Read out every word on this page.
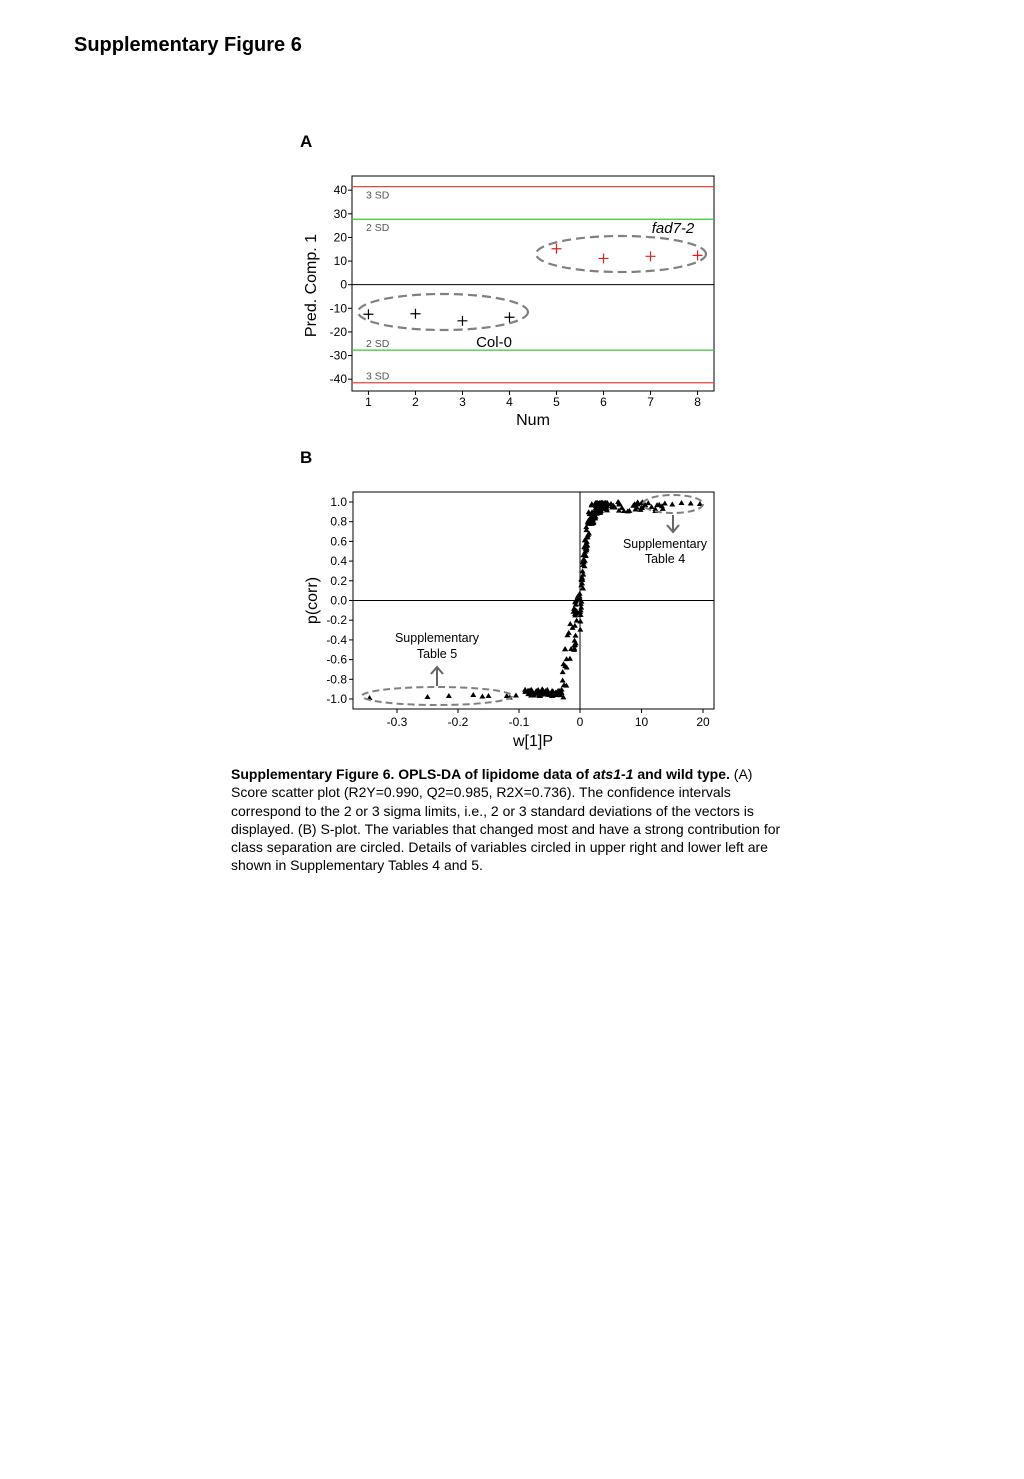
Supplementary Figure 6
A
B
3 SD
2 SD
2 SD
3 SD
40
30
20
10
0
-10
-20
-30
-40
1	2	3	4	5	6	7	8
Num
Pred. Comp. 1
Col-0
fad7-2
1.0
0.8
0.6
0.4
0.2
0.0
-0.2
-0.4
-0.6
-0.8
-1.0
-0.3	-0.2	-0.1	0	10	20
w[1]P
p(corr)
Supplementary
Table 4
Supplementary
Table 5
Supplementary Figure 6. OPLS-DA of lipidome data of ats1-1 and wild type. (A) Score scatter plot (R2Y=0.990, Q2=0.985, R2X=0.736). The confidence intervals correspond to the 2 or 3 sigma limits, i.e., 2 or 3 standard deviations of the vectors is displayed. (B) S-plot. The variables that changed most and have a strong contribution for class separation are circled. Details of variables circled in upper right and lower left are shown in Supplementary Tables 4 and 5.
